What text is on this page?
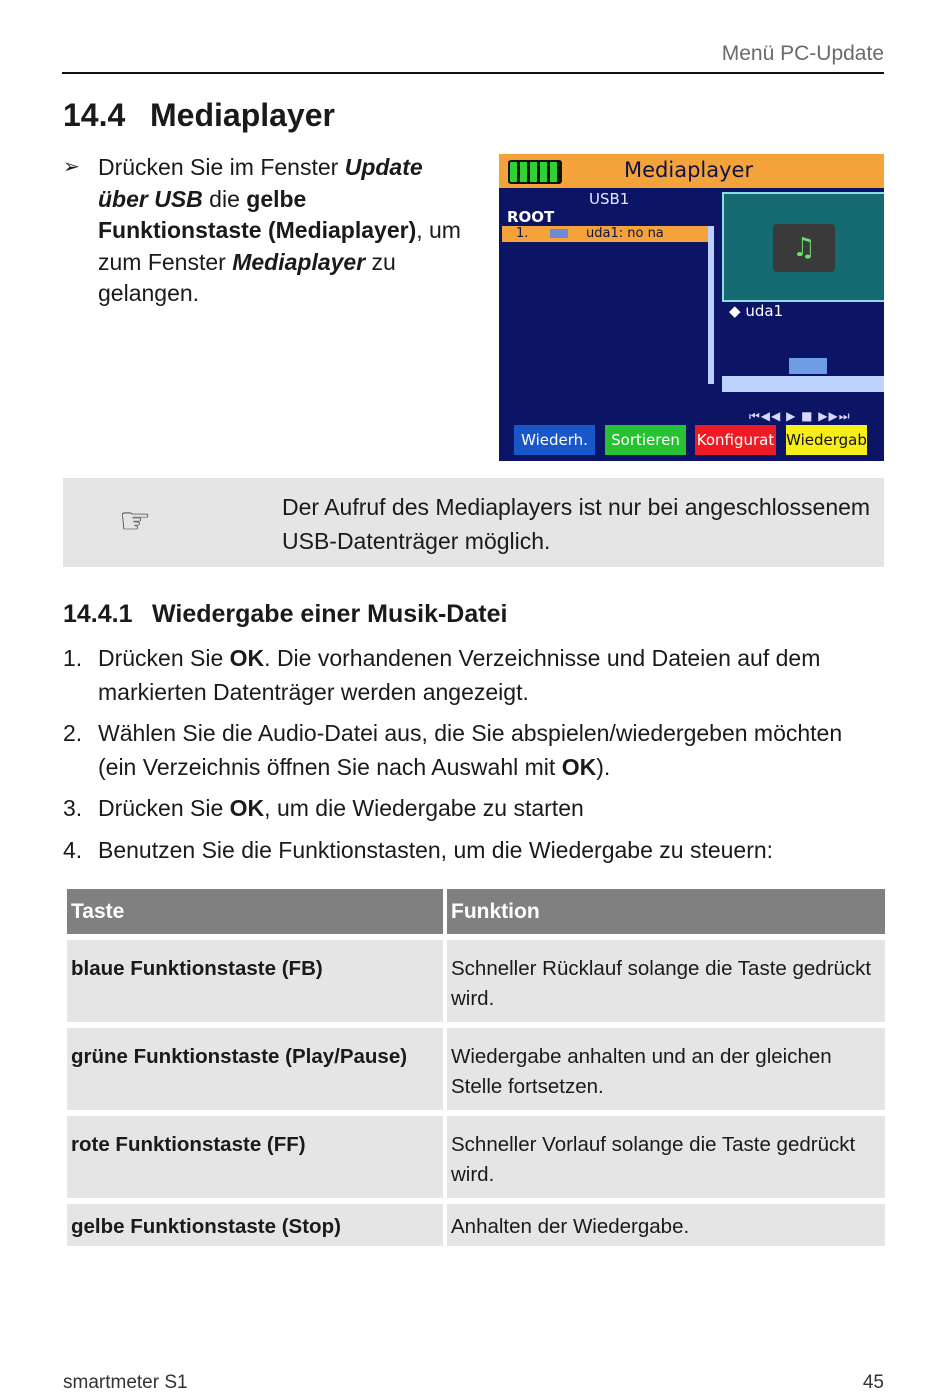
Menü PC-Update
14.4 Mediaplayer
➢ Drücken Sie im Fenster Update über USB die gelbe Funktionstaste (Mediaplayer), um zum Fenster Mediaplayer zu gelangen.
Mediaplayer
USB1
ROOT
1.	uda1: no na	♫
◆ uda1
⏮◀◀ ▶ ■ ▶▶⏭
Wiederh.	Sortieren	Konfigurat Wiedergab
☞	Der Aufruf des Mediaplayers ist nur bei angeschlossenem USB-Datenträger möglich.
14.4.1 Wiedergabe einer Musik-Datei
1. Drücken Sie OK. Die vorhandenen Verzeichnisse und Dateien auf dem markierten Datenträger werden angezeigt.
2. Wählen Sie die Audio-Datei aus, die Sie abspielen/wiedergeben möchten (ein Verzeichnis öffnen Sie nach Auswahl mit OK).
3. Drücken Sie OK, um die Wiedergabe zu starten
4. Benutzen Sie die Funktionstasten, um die Wiedergabe zu steuern:
Taste	Funktion
blaue Funktionstaste (FB)	Schneller Rücklauf solange die Taste gedrückt wird.
grüne Funktionstaste (Play/Pause)	Wiedergabe anhalten und an der gleichen Stelle fortsetzen.
rote Funktionstaste (FF)	Schneller Vorlauf solange die Taste gedrückt wird.
gelbe Funktionstaste (Stop)	Anhalten der Wiedergabe.
smartmeter S1	45
